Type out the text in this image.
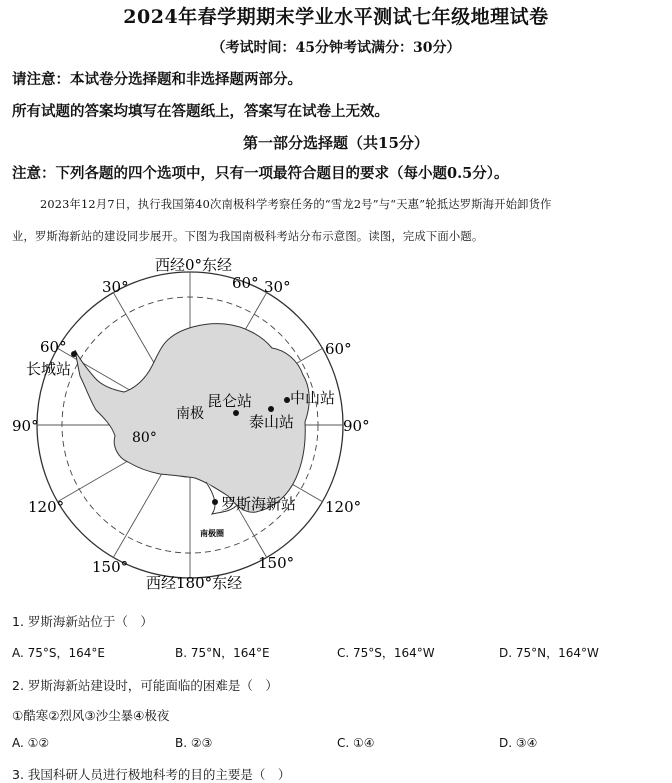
2024年春学期期末学业水平测试七年级地理试卷
（考试时间：45分钟考试满分：30分）
请注意：本试卷分选择题和非选择题两部分。
所有试题的答案均填写在答题纸上，答案写在试卷上无效。
第一部分选择题（共15分）
注意：下列各题的四个选项中，只有一项最符合题目的要求（每小题0.5分）。
2023年12月7日，执行我国第40次南极科学考察任务的“雪龙2号”与“天惠”轮抵达罗斯海开始卸货作
业，罗斯海新站的建设同步展开。下图为我国南极科考站分布示意图。读图，完成下面小题。
西经0°东经
西经180°东经
30°	60° 30°
60°	60°
90°	90°
120°	120°
150°	150°
80°
南极
南极圈
长城站
昆仑站	中山站
泰山站
罗斯海新站
1. 罗斯海新站位于（　）
A. 75°S，164°E	B. 75°N，164°E	C. 75°S，164°W	D. 75°N，164°W
2. 罗斯海新站建设时，可能面临的困难是（　）
①酷寒②烈风③沙尘暴④极夜
A. ①②	B. ②③	C. ①④	D. ③④
3. 我国科研人员进行极地科考的目的主要是（　）
